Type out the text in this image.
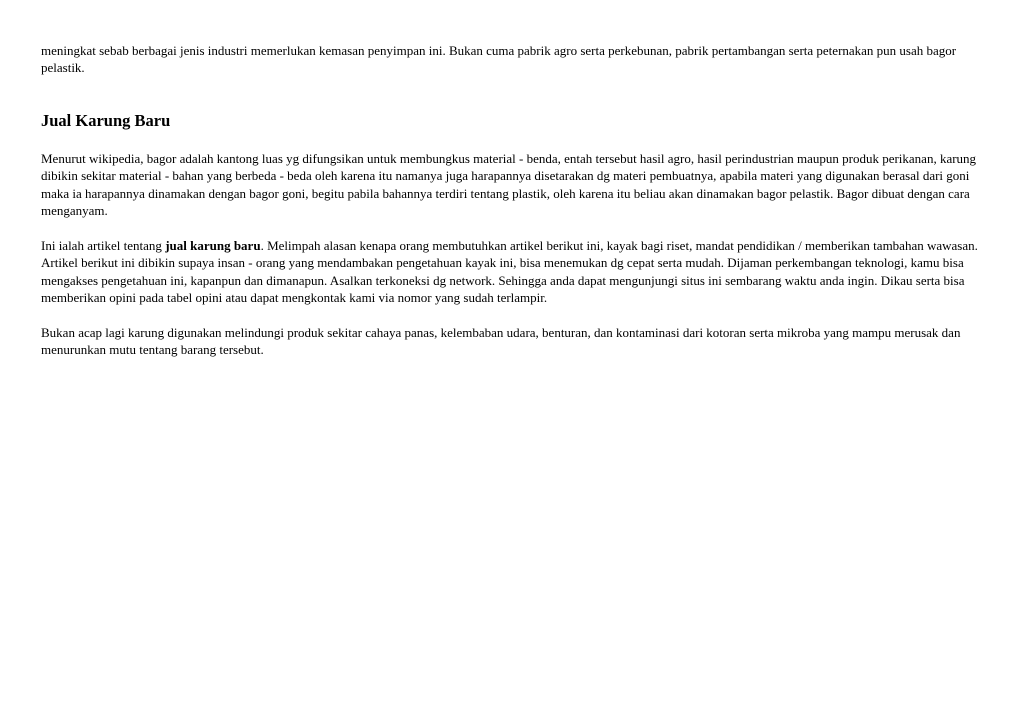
meningkat sebab berbagai jenis industri memerlukan kemasan penyimpan ini. Bukan cuma pabrik agro serta perkebunan, pabrik pertambangan serta peternakan pun usah bagor pelastik.

Jual Karung Baru

Menurut wikipedia, bagor adalah kantong luas yg difungsikan untuk membungkus material - benda, entah tersebut hasil agro, hasil perindustrian maupun produk perikanan, karung dibikin sekitar material - bahan yang berbeda - beda oleh karena itu namanya juga harapannya disetarakan dg materi pembuatnya, apabila materi yang digunakan berasal dari goni maka ia harapannya dinamakan dengan bagor goni, begitu pabila bahannya terdiri tentang plastik, oleh karena itu beliau akan dinamakan bagor pelastik. Bagor dibuat dengan cara menganyam.

Ini ialah artikel tentang jual karung baru. Melimpah alasan kenapa orang membutuhkan artikel berikut ini, kayak bagi riset, mandat pendidikan / memberikan tambahan wawasan. Artikel berikut ini dibikin supaya insan - orang yang mendambakan pengetahuan kayak ini, bisa menemukan dg cepat serta mudah. Dijaman perkembangan teknologi, kamu bisa mengakses pengetahuan ini, kapanpun dan dimanapun. Asalkan terkoneksi dg network. Sehingga anda dapat mengunjungi situs ini sembarang waktu anda ingin. Dikau serta bisa memberikan opini pada tabel opini atau dapat mengkontak kami via nomor yang sudah terlampir.

Bukan acap lagi karung digunakan melindungi produk sekitar cahaya panas, kelembaban udara, benturan, dan kontaminasi dari kotoran serta mikroba yang mampu merusak dan menurunkan mutu tentang barang tersebut.
